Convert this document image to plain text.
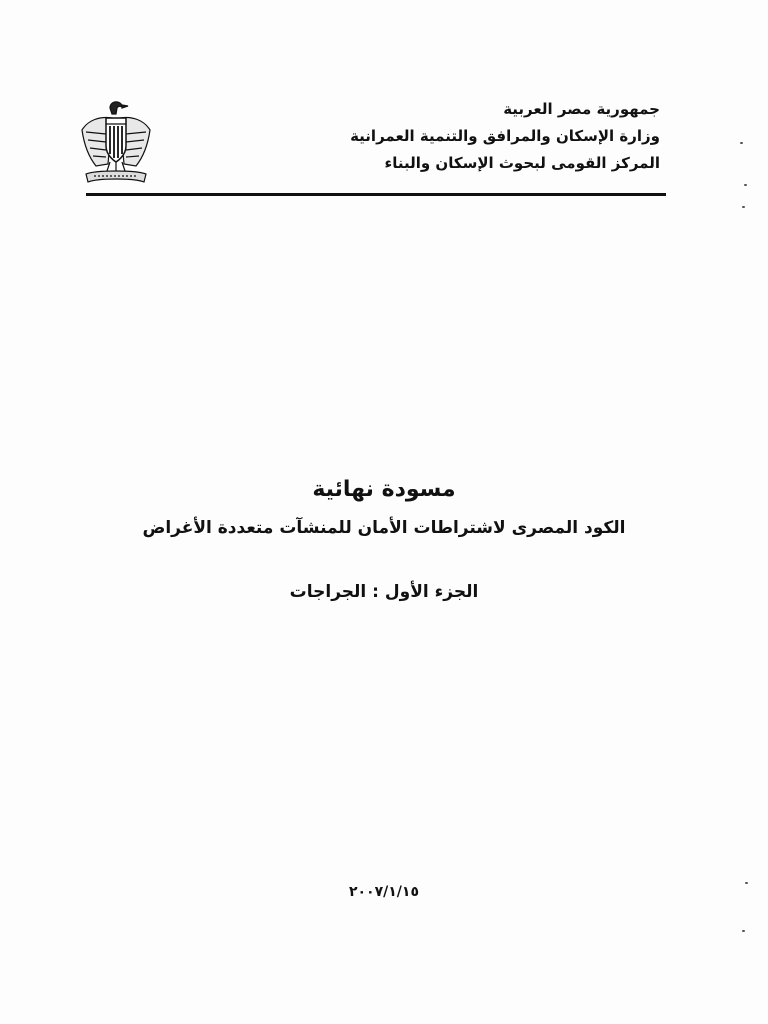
جمهورية مصر العربية
وزارة الإسكان والمرافق والتنمية العمرانية
المركز القومى لبحوث الإسكان والبناء
مسودة نهائية
الكود المصرى لاشتراطات الأمان للمنشآت متعددة الأغراض
الجزء الأول : الجراجات
٢٠٠٧/١/١٥
